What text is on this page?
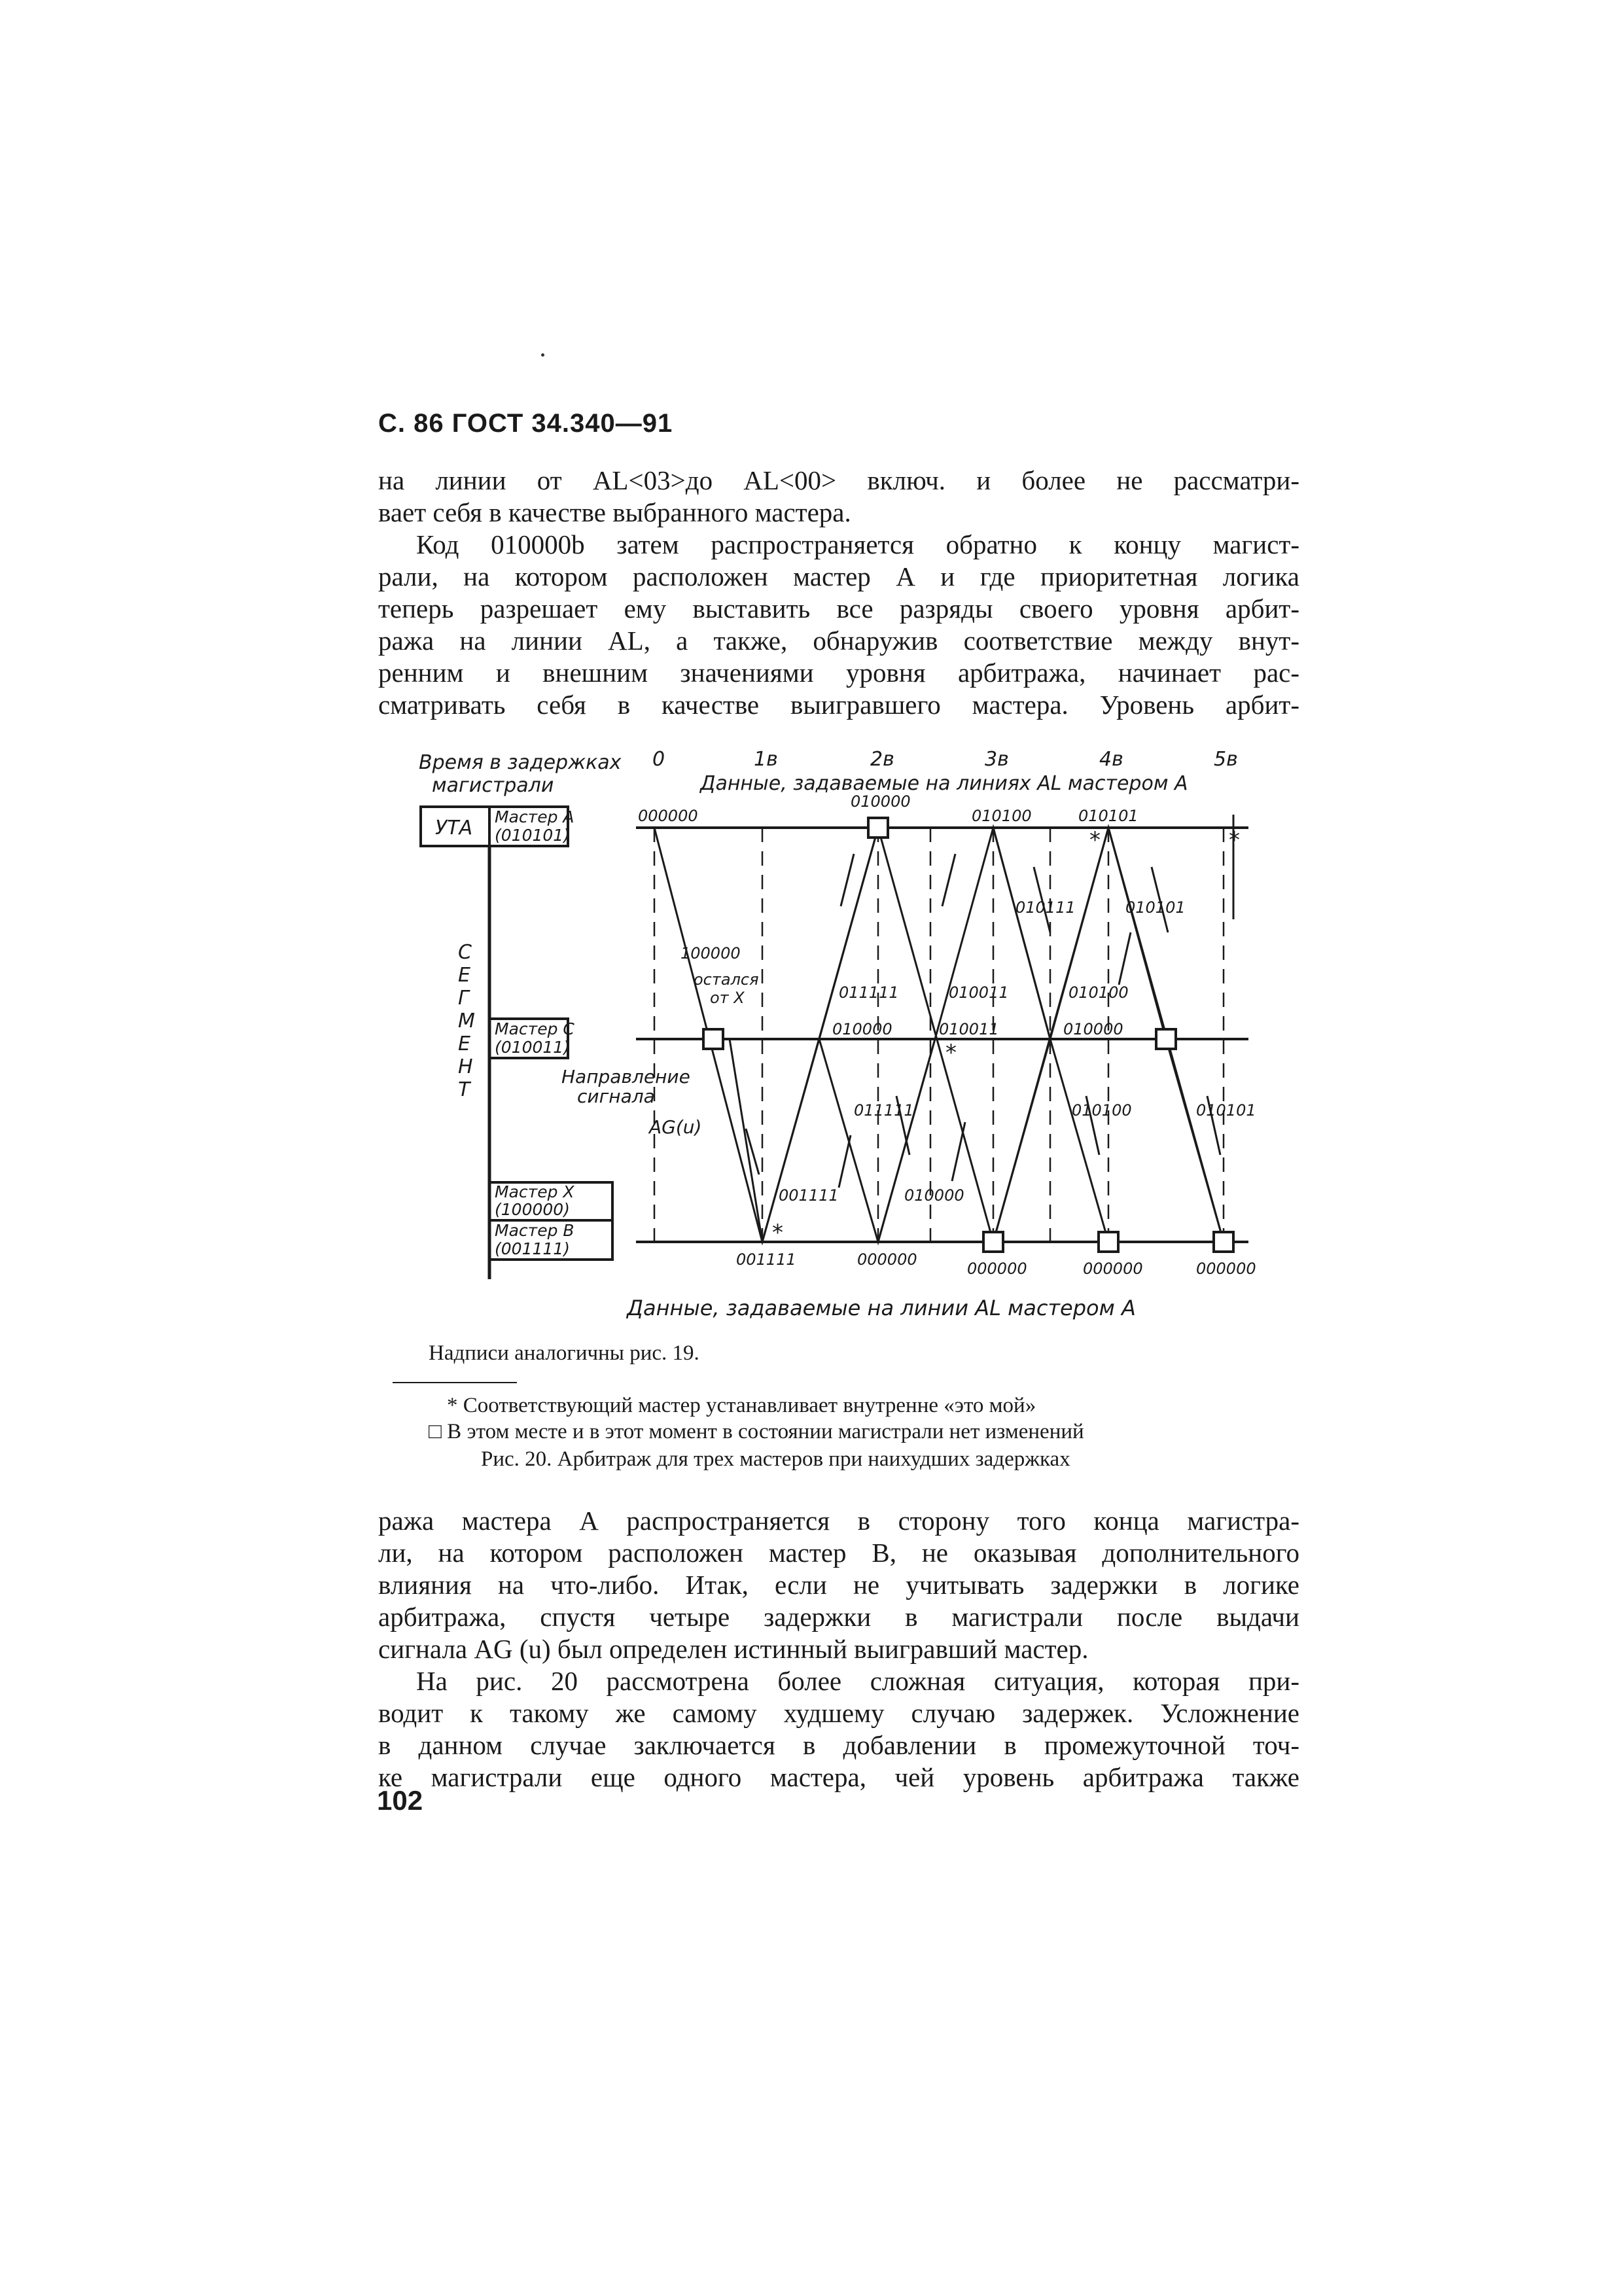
С. 86 ГОСТ 34.340—91
на линии от AL<03>до AL<00> включ. и более не рассматри-
вает себя в качестве выбранного мастера.
Код 010000b затем распространяется обратно к концу магист-
рали, на котором расположен мастер А и где приоритетная логика
теперь разрешает ему выставить все разряды своего уровня арбит-
ража на линии AL, а также, обнаружив соответствие между внут-
ренним и внешним значениями уровня арбитража, начинает рас-
сматривать себя в качестве выигравшего мастера. Уровень арбит-
Время в задержках
магистрали
УТА Мастер A
(010101)
Мастер С
(010011)
Мастер X
(100000)
Мастер В
(001111)
С
Е
Г
М
Е
Н
Т
0	1в	2в	3в	4в	5в
Данные, задаваемые на линиях AL мастером A
000000
010000
010100	010101
010000	010011	010000
001111	000000	000000	000000	000000
100000
011111	010011
010111	010101
010100
011111
001111	010000
010100	010101
остался
от X
Направление
сигнала
AG(u)
*	*
*
*
Данные, задаваемые на линии AL мастером A
Надписи аналогичны рис. 19.
* Соответствующий мастер устанавливает внутренне «это мой»
□ В этом месте и в этот момент в состоянии магистрали нет изменений
Рис. 20. Арбитраж для трех мастеров при наихудших задержках
ража мастера А распространяется в сторону того конца магистра-
ли, на котором расположен мастер В, не оказывая дополнительного
влияния на что-либо. Итак, если не учитывать задержки в логике
арбитража, спустя четыре задержки в магистрали после выдачи
сигнала AG (u) был определен истинный выигравший мастер.
На рис. 20 рассмотрена более сложная ситуация, которая при-
водит к такому же самому худшему случаю задержек. Усложнение
в данном случае заключается в добавлении в промежуточной точ-
ке магистрали еще одного мастера, чей уровень арбитража также
102
